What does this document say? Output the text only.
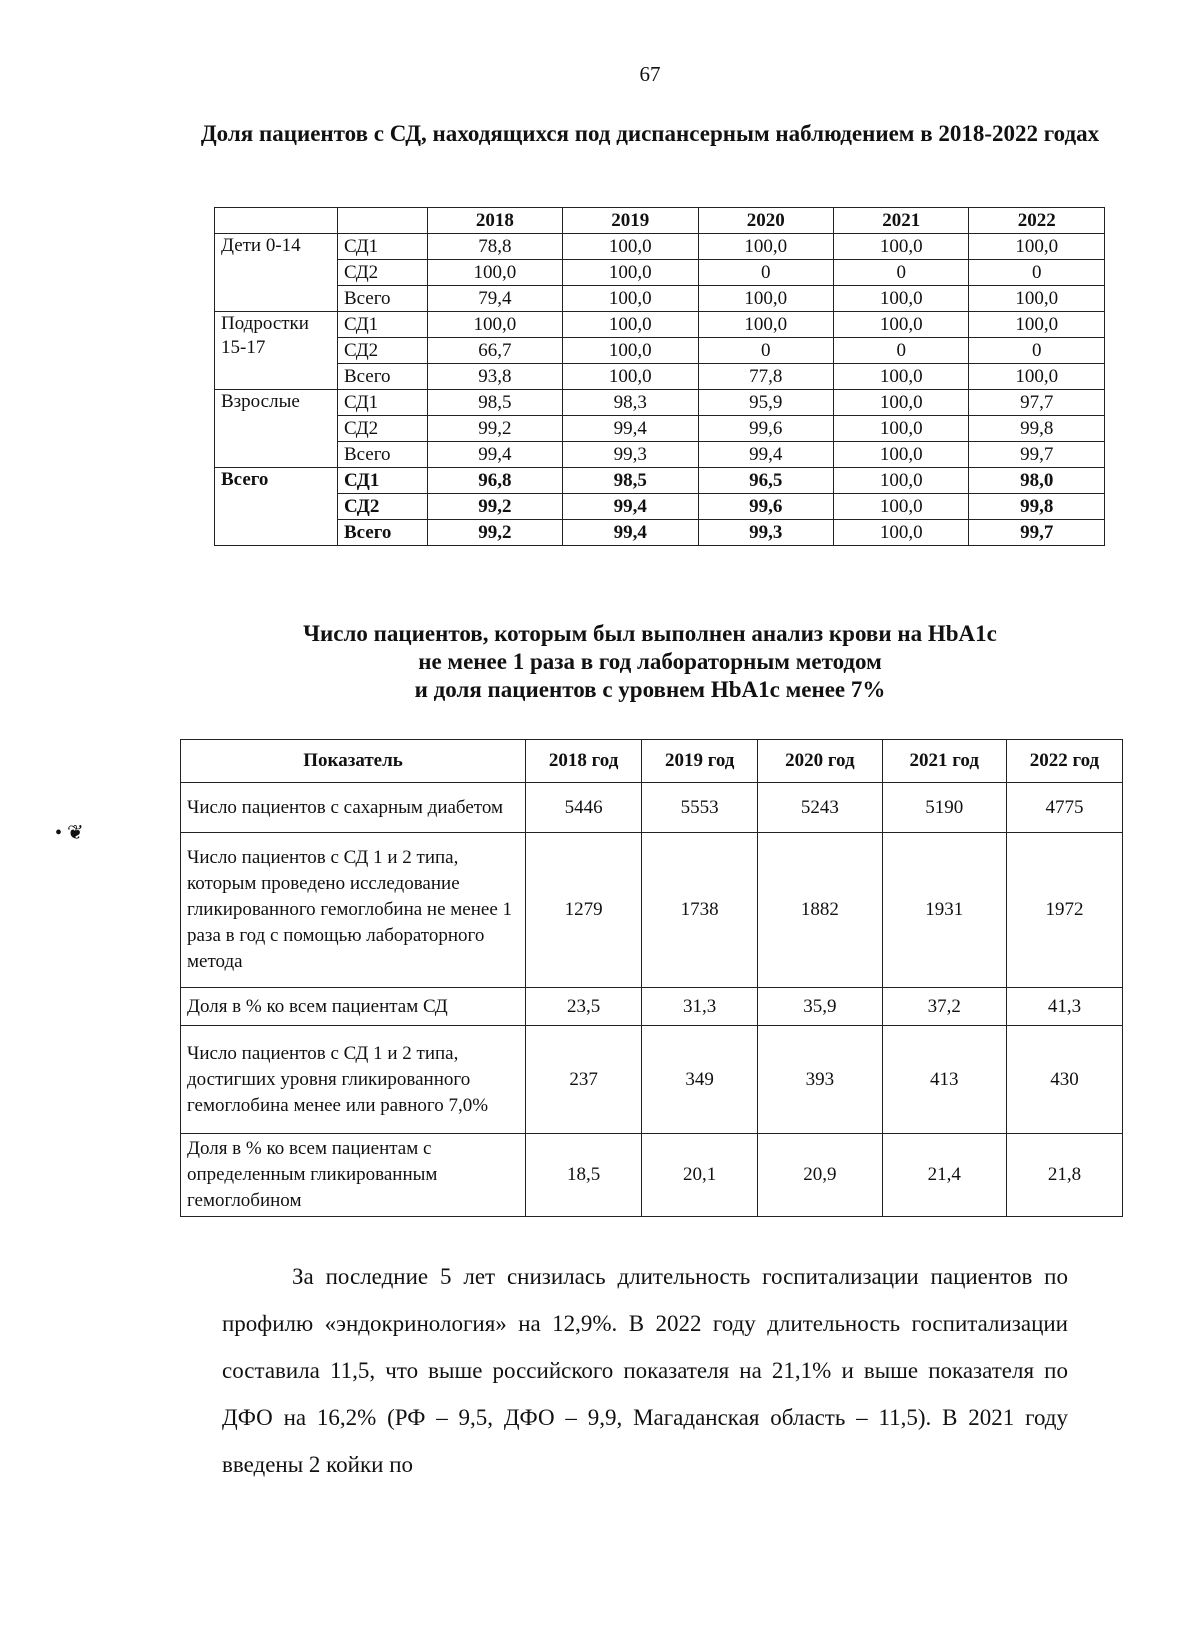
67
• ❦
Доля пациентов с СД, находящихся под диспансерным наблюдением в 2018-2022 годах
		2018	2019	2020	2021	2022
Дети 0-14	СД1	78,8	100,0	100,0	100,0	100,0
	СД2	100,0	100,0	0	0	0
	Всего	79,4	100,0	100,0	100,0	100,0
Подростки 15-17	СД1	100,0	100,0	100,0	100,0	100,0
	СД2	66,7	100,0	0	0	0
	Всего	93,8	100,0	77,8	100,0	100,0
Взрослые	СД1	98,5	98,3	95,9	100,0	97,7
	СД2	99,2	99,4	99,6	100,0	99,8
	Всего	99,4	99,3	99,4	100,0	99,7
Всего	СД1	96,8	98,5	96,5	100,0	98,0
	СД2	99,2	99,4	99,6	100,0	99,8
	Всего	99,2	99,4	99,3	100,0	99,7
Число пациентов, которым был выполнен анализ крови на HbA1c
не менее 1 раза в год лабораторным методом
и доля пациентов с уровнем HbA1c менее 7%
Показатель	2018 год	2019 год	2020 год	2021 год	2022 год
Число пациентов с сахарным диабетом	5446	5553	5243	5190	4775
Число пациентов с СД 1 и 2 типа, которым проведено исследование гликированного гемоглобина не менее 1 раза в год с помощью лабораторного метода	1279	1738	1882	1931	1972
Доля в % ко всем пациентам СД	23,5	31,3	35,9	37,2	41,3
Число пациентов с СД 1 и 2 типа, достигших уровня гликированного гемоглобина менее или равного 7,0%	237	349	393	413	430
Доля в % ко всем пациентам с определенным гликированным гемоглобином	18,5	20,1	20,9	21,4	21,8
За последние 5 лет снизилась длительность госпитализации пациентов по профилю «эндокринология» на 12,9%. В 2022 году длительность госпитализации составила 11,5, что выше российского показателя на 21,1% и выше показателя по ДФО на 16,2% (РФ – 9,5, ДФО – 9,9, Магаданская область – 11,5). В 2021 году введены 2 койки по
